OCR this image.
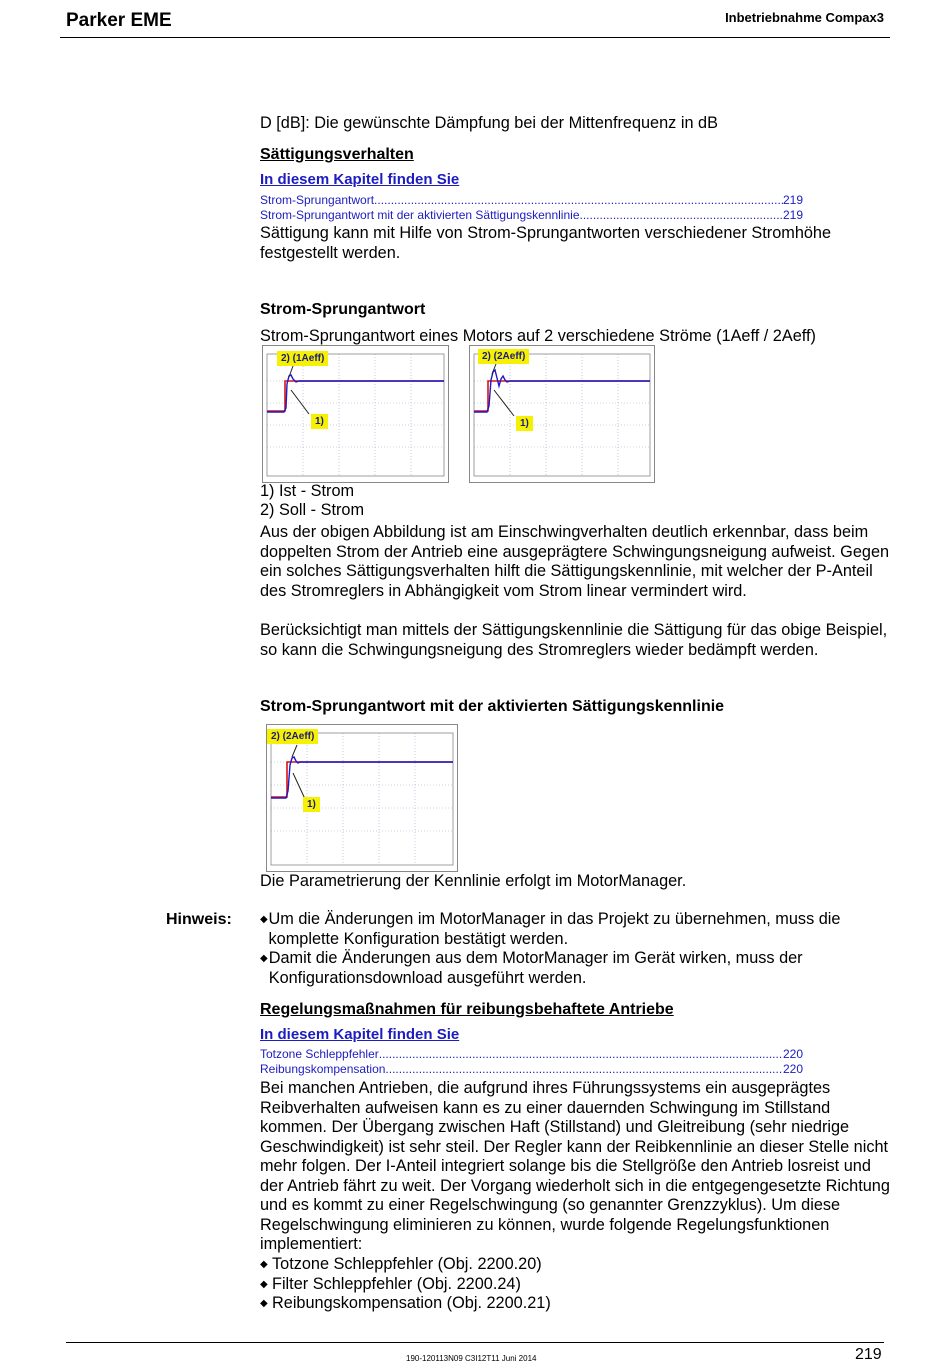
Parker EME	Inbetriebnahme Compax3
D [dB]: Die gewünschte Dämpfung bei der Mittenfrequenz in dB
Sättigungsverhalten
In diesem Kapitel finden Sie
Strom-Sprungantwort .....	219
Strom-Sprungantwort mit der aktivierten Sättigungskennlinie .....	219
Sättigung kann mit Hilfe von Strom-Sprungantworten verschiedener Stromhöhe festgestellt werden.
Strom-Sprungantwort
Strom-Sprungantwort eines Motors auf 2 verschiedene Ströme (1Aeff / 2Aeff)
2) (1Aeff)
1)
2) (2Aeff)
1)
1) Ist - Strom
2) Soll - Strom
Aus der obigen Abbildung ist am Einschwingverhalten deutlich erkennbar, dass beim doppelten Strom der Antrieb eine ausgeprägtere Schwingungsneigung aufweist. Gegen ein solches Sättigungsverhalten hilft die Sättigungskennlinie, mit welcher der P-Anteil des Stromreglers in Abhängigkeit vom Strom linear vermindert wird.
Berücksichtigt man mittels der Sättigungskennlinie die Sättigung für das obige Beispiel, so kann die Schwingungsneigung des Stromreglers wieder bedämpft werden.
Strom-Sprungantwort mit der aktivierten Sättigungskennlinie
2) (2Aeff)
1)
Die Parametrierung der Kennlinie erfolgt im MotorManager.
Hinweis:	◆ Um die Änderungen im MotorManager in das Projekt zu übernehmen, muss die komplette Konfiguration bestätigt werden.
◆ Damit die Änderungen aus dem MotorManager im Gerät wirken, muss der Konfigurationsdownload ausgeführt werden.
Regelungsmaßnahmen für reibungsbehaftete Antriebe
In diesem Kapitel finden Sie
Totzone Schleppfehler .....	220
Reibungskompensation .....	220
Bei manchen Antrieben, die aufgrund ihres Führungssystems ein ausgeprägtes Reibverhalten aufweisen kann es zu einer dauernden Schwingung im Stillstand kommen. Der Übergang zwischen Haft (Stillstand) und Gleitreibung (sehr niedrige Geschwindigkeit) ist sehr steil. Der Regler kann der Reibkennlinie an dieser Stelle nicht mehr folgen. Der I-Anteil integriert solange bis die Stellgröße den Antrieb losreist und der Antrieb fährt zu weit. Der Vorgang wiederholt sich in die entgegengesetzte Richtung und es kommt zu einer Regelschwingung (so genannter Grenzzyklus). Um diese Regelschwingung eliminieren zu können, wurde folgende Regelungsfunktionen implementiert:
◆ Totzone Schleppfehler (Obj. 2200.20)
◆ Filter Schleppfehler (Obj. 2200.24)
◆ Reibungskompensation (Obj. 2200.21)
190-120113N09 C3I12T11 Juni 2014	219
